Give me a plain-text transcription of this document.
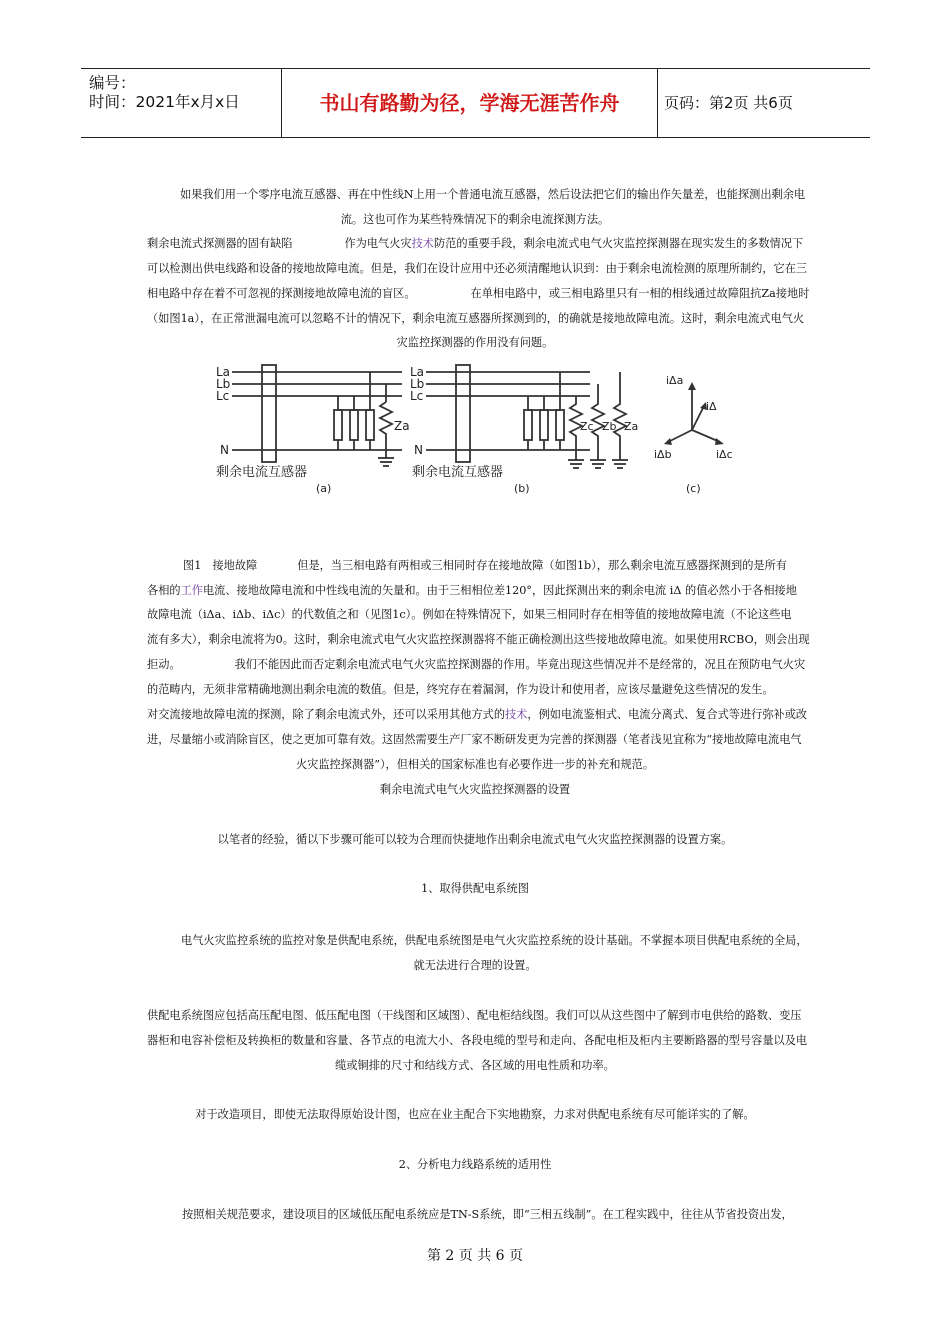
编号：
时间：2021年x月x日	书山有路勤为径，学海无涯苦作舟	页码：第2页 共6页
如果我们用一个零序电流互感器、再在中性线N上用一个普通电流互感器，然后设法把它们的输出作矢量差，也能探测出剩余电
流。这也可作为某些特殊情况下的剩余电流探测方法。
剩余电流式探测器的固有缺陷	作为电气火灾技术防范的重要手段，剩余电流式电气火灾监控探测器在现实发生的多数情况下
可以检测出供电线路和设备的接地故障电流。但是，我们在设计应用中还必须清醒地认识到：由于剩余电流检测的原理所制约，它在三
相电路中存在着不可忽视的探测接地故障电流的盲区。	在单相电路中，或三相电路里只有一相的相线通过故障阻抗Za接地时
（如图1a），在正常泄漏电流可以忽略不计的情况下，剩余电流互感器所探测到的，的确就是接地故障电流。这时，剩余电流式电气火
灾监控探测器的作用没有问题。
La
Lb
Lc
N
Za
剩余电流互感器
(a)
La
Lb
Lc
N
Zc Zb Za
剩余电流互感器
(b)
iΔa
iΔ
iΔb	iΔc
(c)
图1　接地故障	但是，当三相电路有两相或三相同时存在接地故障（如图1b），那么剩余电流互感器探测到的是所有
各相的工作电流、接地故障电流和中性线电流的矢量和。由于三相相位差120°，因此探测出来的剩余电流 iΔ 的值必然小于各相接地
故障电流（iΔa、iΔb、iΔc）的代数值之和（见图1c）。例如在特殊情况下，如果三相同时存在相等值的接地故障电流（不论这些电
流有多大），剩余电流将为0。这时，剩余电流式电气火灾监控探测器将不能正确检测出这些接地故障电流。如果使用RCBO，则会出现
拒动。	我们不能因此而否定剩余电流式电气火灾监控探测器的作用。毕竟出现这些情况并不是经常的，况且在预防电气火灾
的范畴内，无须非常精确地测出剩余电流的数值。但是，终究存在着漏洞，作为设计和使用者，应该尽量避免这些情况的发生。
对交流接地故障电流的探测，除了剩余电流式外，还可以采用其他方式的技术，例如电流鉴相式、电流分离式、复合式等进行弥补或改
进，尽量缩小或消除盲区，使之更加可靠有效。这固然需要生产厂家不断研发更为完善的探测器（笔者浅见宜称为“接地故障电流电气
火灾监控探测器”），但相关的国家标准也有必要作进一步的补充和规范。
剩余电流式电气火灾监控探测器的设置
以笔者的经验，循以下步骤可能可以较为合理而快捷地作出剩余电流式电气火灾监控探测器的设置方案。
1、取得供配电系统图
电气火灾监控系统的监控对象是供配电系统，供配电系统图是电气火灾监控系统的设计基础。不掌握本项目供配电系统的全局，
就无法进行合理的设置。
供配电系统图应包括高压配电图、低压配电图（干线图和区域图）、配电柜结线图。我们可以从这些图中了解到市电供给的路数、变压
器柜和电容补偿柜及转换柜的数量和容量、各节点的电流大小、各段电缆的型号和走向、各配电柜及柜内主要断路器的型号容量以及电
缆或铜排的尺寸和结线方式、各区域的用电性质和功率。
对于改造项目，即使无法取得原始设计图，也应在业主配合下实地勘察，力求对供配电系统有尽可能详实的了解。
2、分析电力线路系统的适用性
按照相关规范要求，建设项目的区域低压配电系统应是TN-S系统，即“三相五线制”。在工程实践中，往往从节省投资出发，
第 2 页 共 6 页
